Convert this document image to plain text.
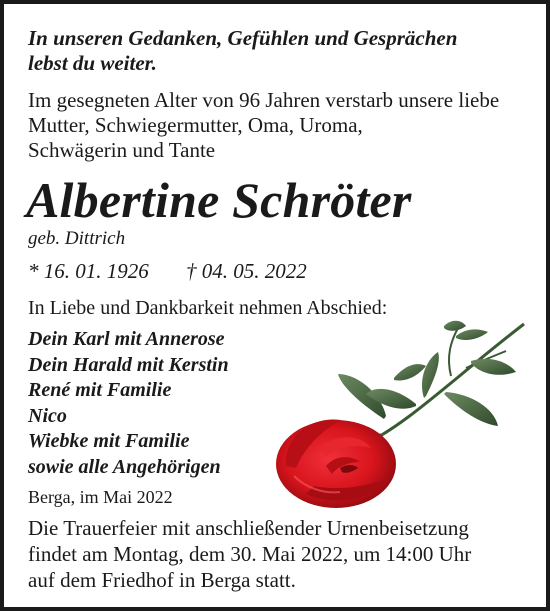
In unseren Gedanken, Gefühlen und Gesprächen
lebst du weiter.
Im gesegneten Alter von 96 Jahren verstarb unsere liebe
Mutter, Schwiegermutter, Oma, Uroma,
Schwägerin und Tante
Albertine Schröter
geb. Dittrich
* 16. 01. 1926 † 04. 05. 2022
In Liebe und Dankbarkeit nehmen Abschied:
Dein Karl mit Annerose
Dein Harald mit Kerstin
René mit Familie
Nico
Wiebke mit Familie
sowie alle Angehörigen
Berga, im Mai 2022
Die Trauerfeier mit anschließender Urnenbeisetzung
findet am Montag, dem 30. Mai 2022, um 14:00 Uhr
auf dem Friedhof in Berga statt.
